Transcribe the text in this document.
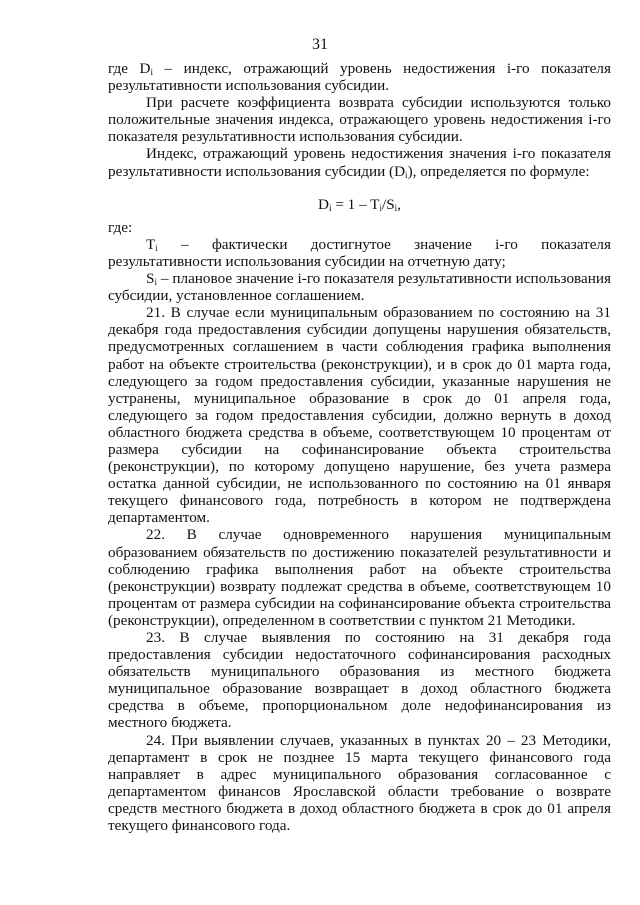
31

где $D_i$ – индекс, отражающий уровень недостижения i-го показателя результативности использования субсидии.

При расчете коэффициента возврата субсидии используются только положительные значения индекса, отражающего уровень недостижения i-го показателя результативности использования субсидии.

Индекс, отражающий уровень недостижения значения i-го показателя результативности использования субсидии $(D_i)$, определяется по формуле:

$D_i = 1 - T_i/S_i$,

где:

$T_i$ – фактически достигнутое значение i-го показателя результативности использования субсидии на отчетную дату;

$S_i$ – плановое значение i-го показателя результативности использования субсидии, установленное соглашением.

21. В случае если муниципальным образованием по состоянию на 31 декабря года предоставления субсидии допущены нарушения обязательств, предусмотренных соглашением в части соблюдения графика выполнения работ на объекте строительства (реконструкции), и в срок до 01 марта года, следующего за годом предоставления субсидии, указанные нарушения не устранены, муниципальное образование в срок до 01 апреля года, следующего за годом предоставления субсидии, должно вернуть в доход областного бюджета средства в объеме, соответствующем 10 процентам от размера субсидии на софинансирование объекта строительства (реконструкции), по которому допущено нарушение, без учета размера остатка данной субсидии, не использованного по состоянию на 01 января текущего финансового года, потребность в котором не подтверждена департаментом.

22. В случае одновременного нарушения муниципальным образованием обязательств по достижению показателей результативности и соблюдению графика выполнения работ на объекте строительства (реконструкции) возврату подлежат средства в объеме, соответствующем 10 процентам от размера субсидии на софинансирование объекта строительства (реконструкции), определенном в соответствии с пунктом 21 Методики.

23. В случае выявления по состоянию на 31 декабря года предоставления субсидии недостаточного софинансирования расходных обязательств муниципального образования из местного бюджета муниципальное образование возвращает в доход областного бюджета средства в объеме, пропорциональном доле недофинансирования из местного бюджета.

24. При выявлении случаев, указанных в пунктах 20 – 23 Методики, департамент в срок не позднее 15 марта текущего финансового года направляет в адрес муниципального образования согласованное с департаментом финансов Ярославской области требование о возврате средств местного бюджета в доход областного бюджета в срок до 01 апреля текущего финансового года.
